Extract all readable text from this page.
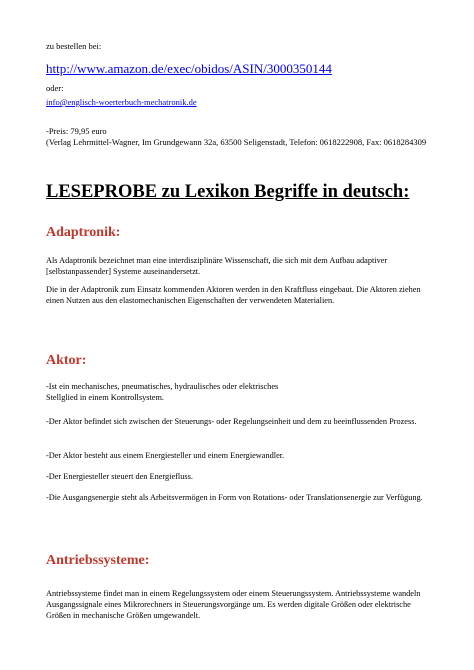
zu bestellen bei:

http://www.amazon.de/exec/obidos/ASIN/3000350144

oder:

info@englisch-woerterbuch-mechatronik.de

-Preis: 79,95 euro

(Verlag Lehrmittel-Wagner, Im Grundgewann 32a, 63500 Seligenstadt, Telefon: 0618222908, Fax: 0618284309

LESEPROBE zu Lexikon Begriffe in deutsch:
Adaptronik:

Als Adaptronik bezeichnet man eine interdisziplinäre Wissenschaft, die sich mit dem Aufbau adaptiver [selbstanpassender] Systeme auseinandersetzt.

Die in der Adaptronik zum Einsatz kommenden Aktoren werden in den Kraftfluss eingebaut. Die Aktoren ziehen einen Nutzen aus den elastomechanischen Eigenschaften der verwendeten Materialien.

Aktor:

-Ist ein mechanisches, pneumatisches, hydraulisches oder elektrisches

Stellglied in einem Kontrollsystem.

-Der Aktor befindet sich zwischen der Steuerungs- oder Regelungseinheit und dem zu beeinflussenden Prozess.

-Der Aktor besteht aus einem Energiesteller und einem Energiewandler.

-Der Energiesteller steuert den Energiefluss.

-Die Ausgangsenergie steht als Arbeitsvermögen in Form von Rotations- oder Translationsenergie zur Verfügung.

Antriebssysteme:

Antriebssysteme findet man in einem Regelungssystem oder einem Steuerungssystem. Antriebssysteme wandeln Ausgangssignale eines Mikrorechners in Steuerungsvorgänge um. Es werden digitale Größen oder elektrische Größen in mechanische Größen umgewandelt.
